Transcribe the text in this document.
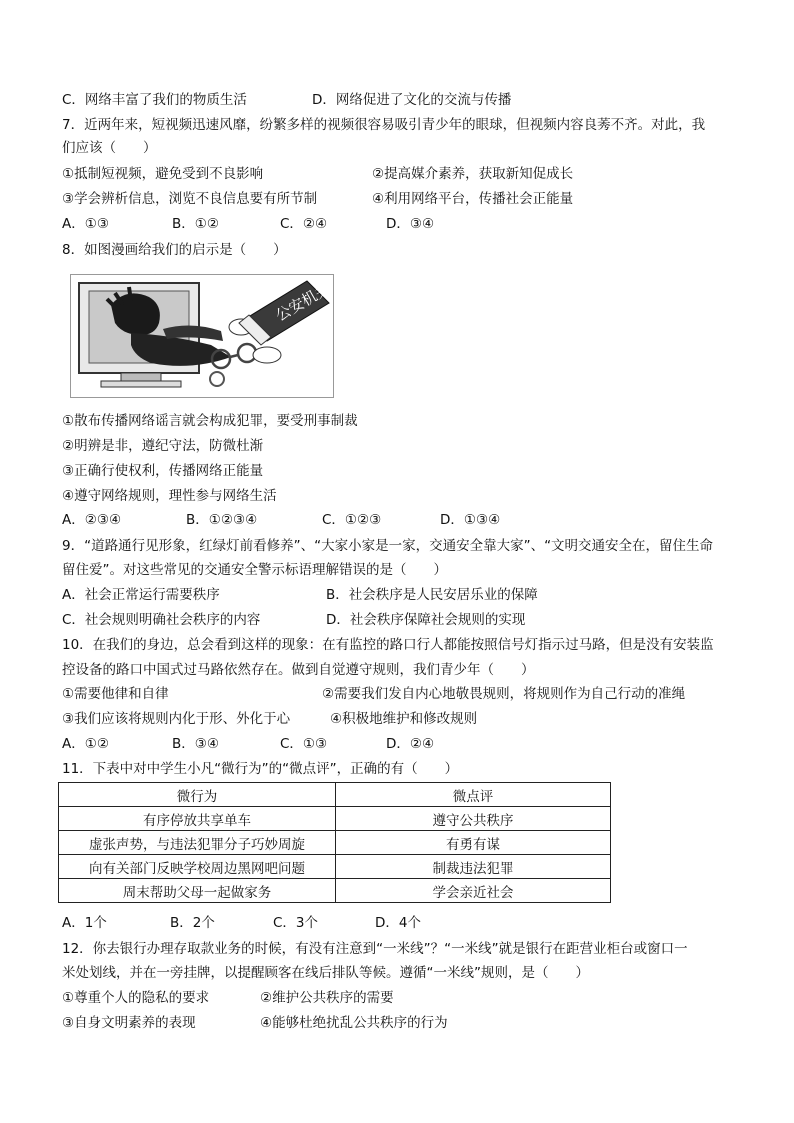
C．网络丰富了我们的物质生活	D．网络促进了文化的交流与传播
7．近两年来，短视频迅速风靡，纷繁多样的视频很容易吸引青少年的眼球，但视频内容良莠不齐。对此，我
们应该（　　）
①抵制短视频，避免受到不良影响	②提高媒介素养，获取新知促成长
③学会辨析信息，浏览不良信息要有所节制	④利用网络平台，传播社会正能量
A．①③	B．①②	C．②④	D．③④
8．如图漫画给我们的启示是（　　）
公安机关
①散布传播网络谣言就会构成犯罪，要受刑事制裁
②明辨是非，遵纪守法，防微杜渐
③正确行使权利，传播网络正能量
④遵守网络规则，理性参与网络生活
A．②③④	B．①②③④	C．①②③	D．①③④
9．“道路通行见形象，红绿灯前看修养”、“大家小家是一家，交通安全靠大家”、“文明交通安全在，留住生命
留住爱”。对这些常见的交通安全警示标语理解错误的是（　　）
A．社会正常运行需要秩序	B．社会秩序是人民安居乐业的保障
C．社会规则明确社会秩序的内容	D．社会秩序保障社会规则的实现
10．在我们的身边，总会看到这样的现象：在有监控的路口行人都能按照信号灯指示过马路，但是没有安装监
控设备的路口中国式过马路依然存在。做到自觉遵守规则，我们青少年（　　）
①需要他律和自律	②需要我们发自内心地敬畏规则，将规则作为自己行动的准绳
③我们应该将规则内化于形、外化于心	④积极地维护和修改规则
A．①②	B．③④	C．①③	D．②④
11．下表中对中学生小凡“微行为”的“微点评”，正确的有（　　）
微行为	微点评
有序停放共享单车	遵守公共秩序
虚张声势，与违法犯罪分子巧妙周旋	有勇有谋
向有关部门反映学校周边黑网吧问题	制裁违法犯罪
周末帮助父母一起做家务	学会亲近社会
A．1个	B．2个	C．3个	D．4个
12．你去银行办理存取款业务的时候，有没有注意到“一米线”？“一米线”就是银行在距营业柜台或窗口一
米处划线，并在一旁挂牌，以提醒顾客在线后排队等候。遵循“一米线”规则，是（　　）
①尊重个人的隐私的要求	②维护公共秩序的需要
③自身文明素养的表现	④能够杜绝扰乱公共秩序的行为
